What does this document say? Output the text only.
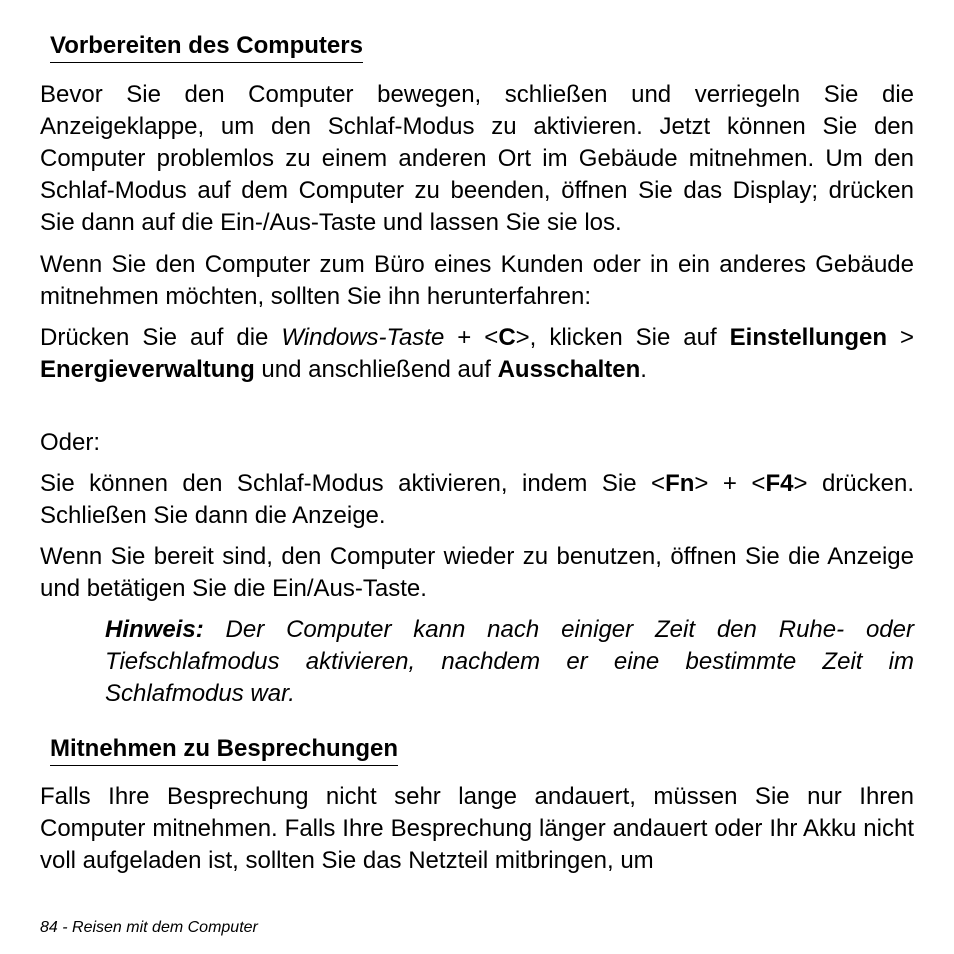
Vorbereiten des Computers

Bevor Sie den Computer bewegen, schließen und verriegeln Sie die Anzeigeklappe, um den Schlaf-Modus zu aktivieren. Jetzt können Sie den Computer problemlos zu einem anderen Ort im Gebäude mitnehmen. Um den Schlaf-Modus auf dem Computer zu beenden, öffnen Sie das Display; drücken Sie dann auf die Ein-/Aus-Taste und lassen Sie sie los.

Wenn Sie den Computer zum Büro eines Kunden oder in ein anderes Gebäude mitnehmen möchten, sollten Sie ihn herunterfahren:

Drücken Sie auf die Windows-Taste + <C>, klicken Sie auf Einstellungen > Energieverwaltung und anschließend auf Ausschalten.

Oder:

Sie können den Schlaf-Modus aktivieren, indem Sie <Fn> + <F4> drücken. Schließen Sie dann die Anzeige.

Wenn Sie bereit sind, den Computer wieder zu benutzen, öffnen Sie die Anzeige und betätigen Sie die Ein/Aus-Taste.

Hinweis: Der Computer kann nach einiger Zeit den Ruhe- oder Tiefschlafmodus aktivieren, nachdem er eine bestimmte Zeit im Schlafmodus war.

Mitnehmen zu Besprechungen

Falls Ihre Besprechung nicht sehr lange andauert, müssen Sie nur Ihren Computer mitnehmen. Falls Ihre Besprechung länger andauert oder Ihr Akku nicht voll aufgeladen ist, sollten Sie das Netzteil mitbringen, um

84 - Reisen mit dem Computer
